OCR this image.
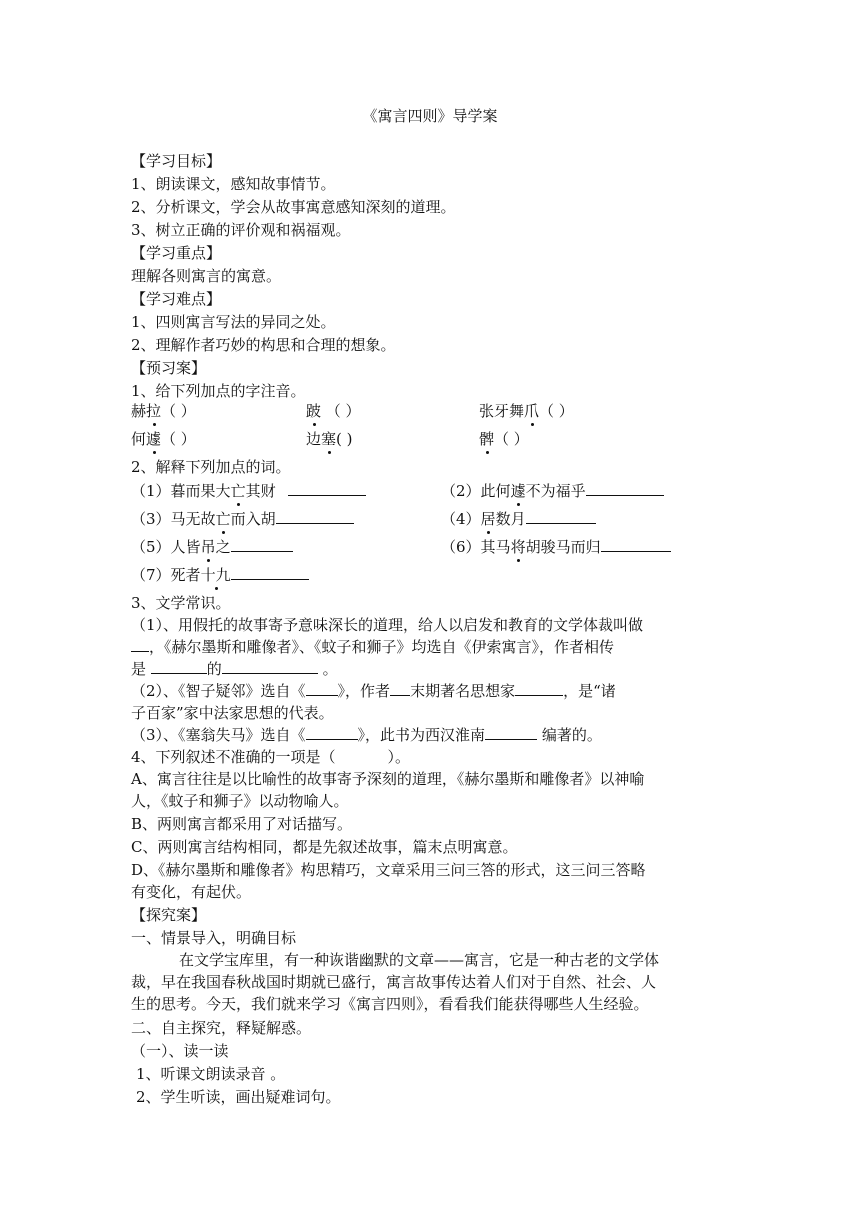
《寓言四则》导学案
【学习目标】
1、朗读课文，感知故事情节。
2、分析课文，学会从故事寓意感知深刻的道理。
3、树立正确的评价观和祸福观。
【学习重点】
理解各则寓言的寓意。
【学习难点】
1、四则寓言写法的异同之处。
2、理解作者巧妙的构思和合理的想象。
【预习案】
1、给下列加点的字注音。
赫拉（ ）	跛 （ ）	张牙舞爪（ ）
何遽（ ）	边塞( )	髀（ ）
2、解释下列加点的词。
（1）暮而果大亡其财	（2）此何遽不为福乎
（3）马无故亡而入胡	（4）居数月
（5）人皆吊之	（6）其马将胡骏马而归
（7）死者十九
3、文学常识。
（1）、用假托的故事寄予意味深长的道理，给人以启发和教育的文学体裁叫做
，《赫尔墨斯和雕像者》、《蚊子和狮子》均选自《伊索寓言》，作者相传
是	的	。
（2）、《智子疑邻》选自《 》，作者 末期著名思想家	，是“诸
子百家”家中法家思想的代表。
（3）、《塞翁失马》选自《	》，此书为西汉淮南	编著的。
4、下列叙述不准确的一项是（	）。
A、寓言往往是以比喻性的故事寄予深刻的道理，《赫尔墨斯和雕像者》以神喻
人，《蚊子和狮子》以动物喻人。
B、两则寓言都采用了对话描写。
C、两则寓言结构相同，都是先叙述故事，篇末点明寓意。
D、《赫尔墨斯和雕像者》构思精巧，文章采用三问三答的形式，这三问三答略
有变化，有起伏。
【探究案】
一、情景导入，明确目标
在文学宝库里，有一种诙谐幽默的文章——寓言，它是一种古老的文学体
裁，早在我国春秋战国时期就已盛行，寓言故事传达着人们对于自然、社会、人
生的思考。今天，我们就来学习《寓言四则》，看看我们能获得哪些人生经验。
二、自主探究，释疑解惑。
（一）、读一读
1、听课文朗读录音 。
2、学生听读，画出疑难词句。
